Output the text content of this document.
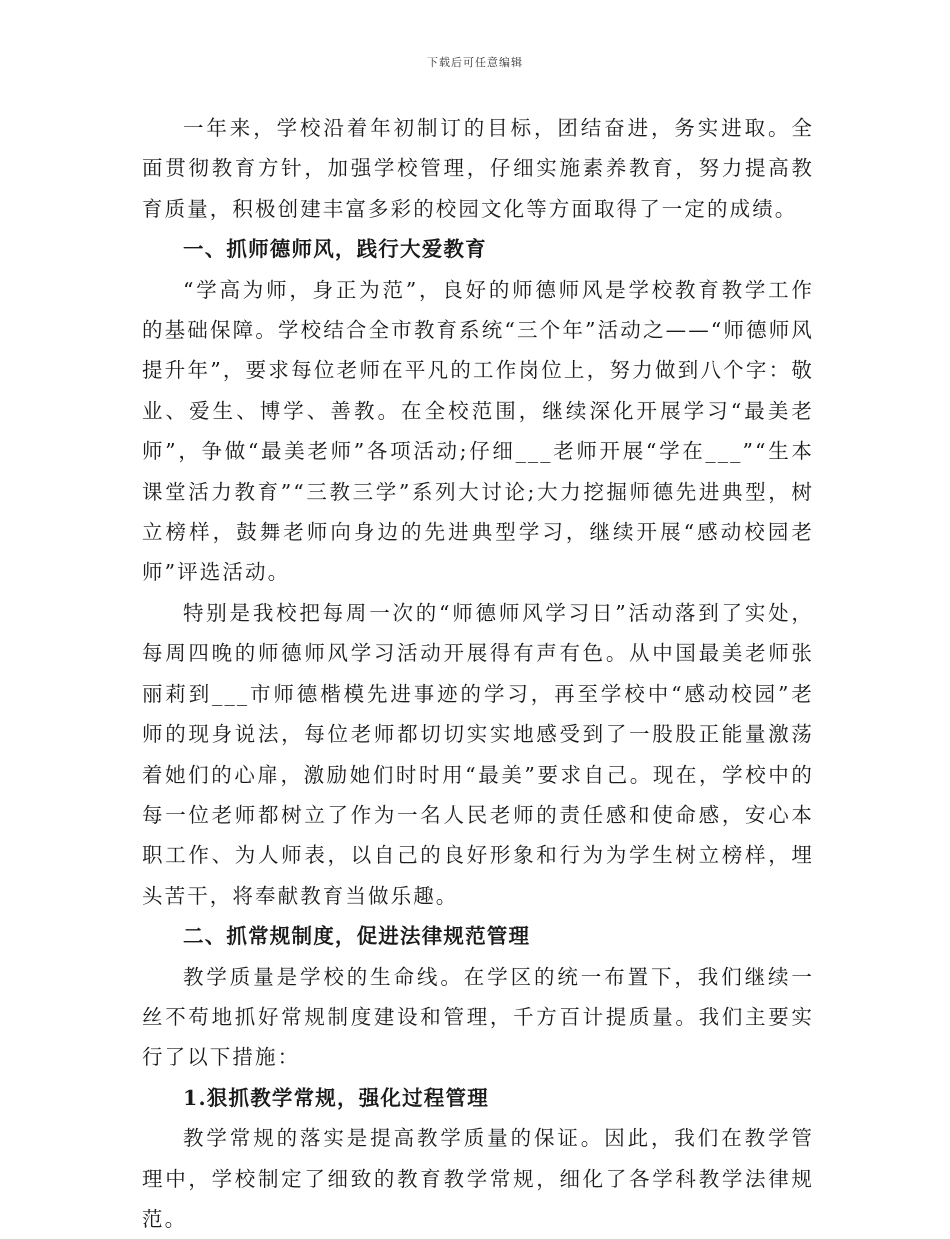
下载后可任意编辑

一年来，学校沿着年初制订的目标，团结奋进，务实进取。全面贯彻教育方针，加强学校管理，仔细实施素养教育，努力提高教育质量，积极创建丰富多彩的校园文化等方面取得了一定的成绩。

一、抓师德师风，践行大爱教育

“学高为师，身正为范”，良好的师德师风是学校教育教学工作的基础保障。学校结合全市教育系统“三个年”活动之——“师德师风提升年”，要求每位老师在平凡的工作岗位上，努力做到八个字：敬业、爱生、博学、善教。在全校范围，继续深化开展学习“最美老师”，争做“最美老师”各项活动;仔细___老师开展“学在___”“生本课堂活力教育”“三教三学”系列大讨论;大力挖掘师德先进典型，树立榜样，鼓舞老师向身边的先进典型学习，继续开展“感动校园老师”评选活动。

特别是我校把每周一次的“师德师风学习日”活动落到了实处，每周四晚的师德师风学习活动开展得有声有色。从中国最美老师张丽莉到___市师德楷模先进事迹的学习，再至学校中“感动校园”老师的现身说法，每位老师都切切实实地感受到了一股股正能量激荡着她们的心扉，激励她们时时用“最美”要求自己。现在，学校中的每一位老师都树立了作为一名人民老师的责任感和使命感，安心本职工作、为人师表，以自己的良好形象和行为为学生树立榜样，埋头苦干，将奉献教育当做乐趣。

二、抓常规制度，促进法律规范管理

教学质量是学校的生命线。在学区的统一布置下，我们继续一丝不苟地抓好常规制度建设和管理，千方百计提质量。我们主要实行了以下措施：

1.狠抓教学常规，强化过程管理

教学常规的落实是提高教学质量的保证。因此，我们在教学管理中，学校制定了细致的教育教学常规，细化了各学科教学法律规范。
